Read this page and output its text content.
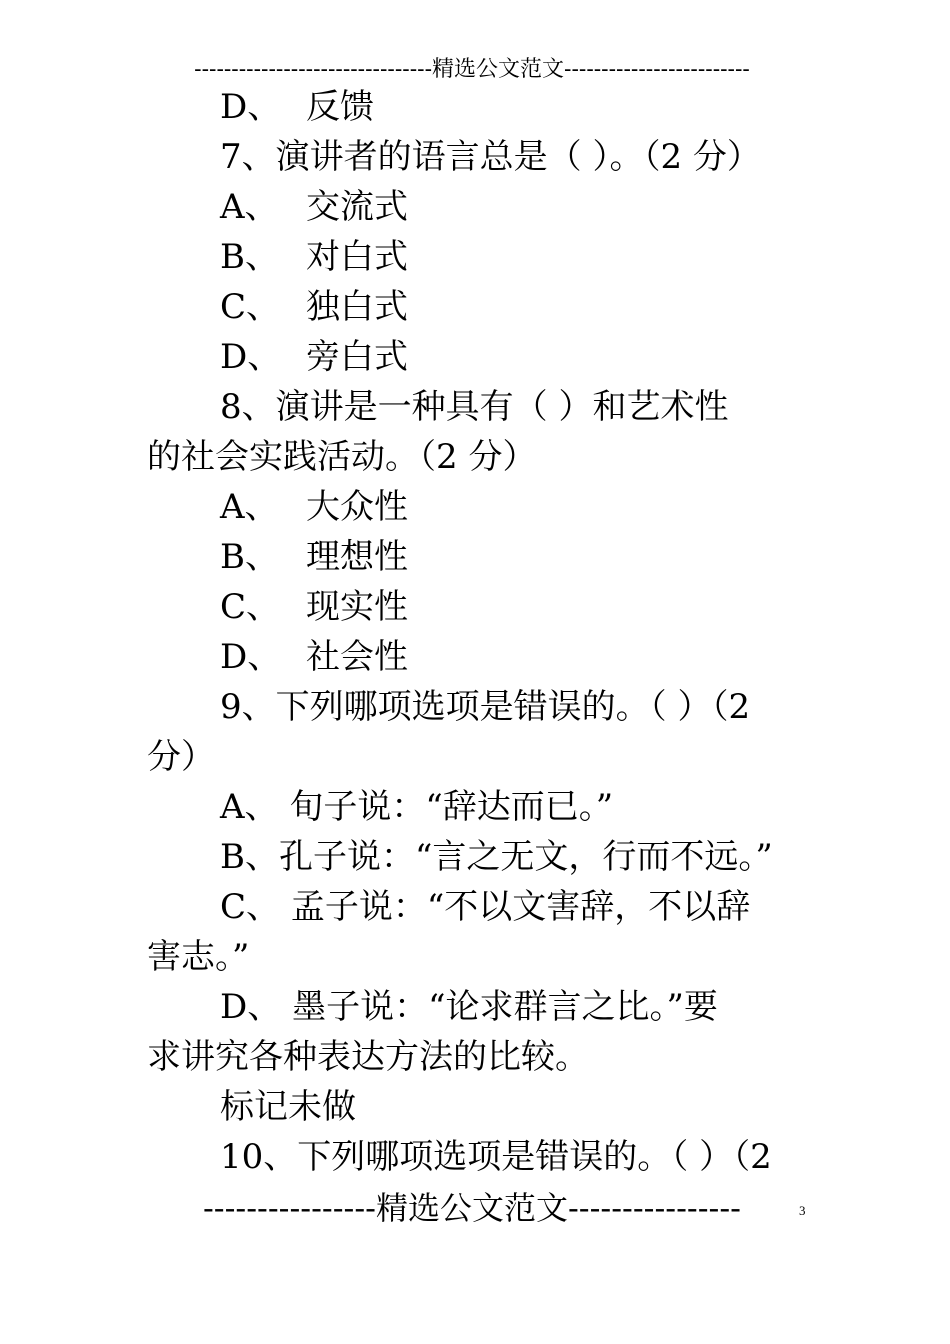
--------------------------------精选公文范文-------------------------
D、 反馈
7、演讲者的语言总是（ ）。（2 分）
A、 交流式
B、 对白式
C、 独白式
D、 旁白式
8、演讲是一种具有（ ）和艺术性
的社会实践活动。（2 分）
A、 大众性
B、 理想性
C、 现实性
D、 社会性
9、下列哪项选项是错误的。（ ）（2
分）
A、 旬子说：“辞达而已。”
B、孔子说：“言之无文，行而不远。”
C、 孟子说：“不以文害辞，不以辞
害志。”
D、 墨子说：“论求群言之比。”要
求讲究各种表达方法的比较。
标记未做
10、下列哪项选项是错误的。（ ）（2
----------------精选公文范文----------------	3
